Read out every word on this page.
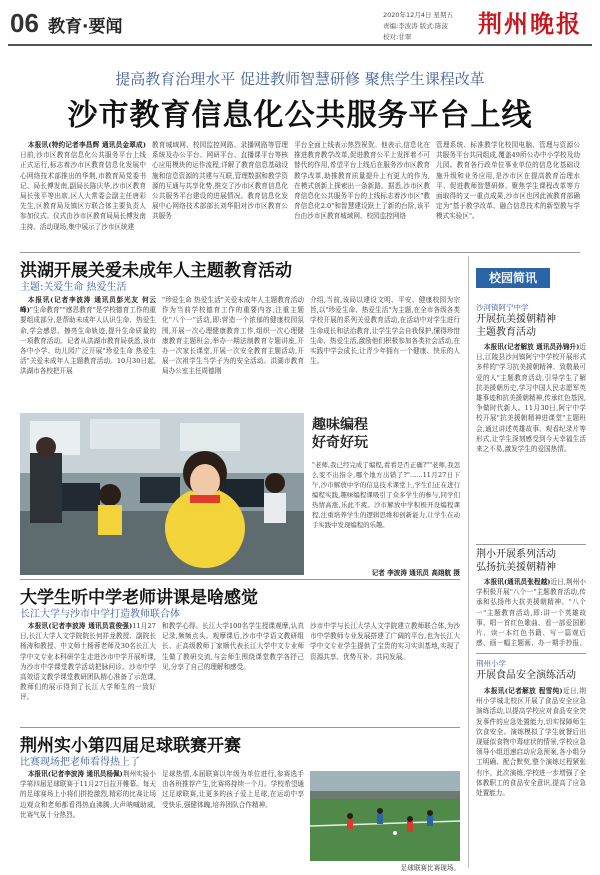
06 教育·要闻
2020年12月4日 星期五
责编:李波涛 版式:陈菠
校对:甘翠	荆州晚报
提高教育治理水平 促进教师智慧研修 聚焦学生课程改革
沙市教育信息化公共服务平台上线

本报讯(特约记者李昌辉 通讯员金翠成)日前,沙市区教育信息化公共服务平台上线正式运行,标志着沙市区教育信息化发展中心网络技术部推出的华荆,市教育局党委书记、局长傅发南,副局长陈庆华,沙市区教育局长张平等出席,区人大常委会副主任唐彩先生,区教育局及镇区方联合体主要负责人参加仪式。仪式由沙市区教育局局长傅发南主持。活动现场,集中展示了沙市区统建

教育城域网、校园监控网路、录播网路等管理系统及办公平台、网研平台、直播课平台等核心应用模块的运作流程,详解了教育信息基础设施和信息资源的共建与互联,管理数据和教学资源的互通与共享化势,推交了沙市区教育信息化公共服务平台建设的进展情况。教育信息化发展中心网络技术部部长刘华阳对沙市区教育公共服务
平台全面上线表示热烈祝贺。他表示,信息化在推进教育教学改革,促进教育公平上发挥着不可替代的作用,希望平台上线后在服务沙市区教育教学改革,助推教育质量提升上有更大的作为,在模式创新上探索出一条新路。据悉,沙市区教育信息化公共服务平台的上线标志着沙市区"教育信息化2.0"和智慧建设跃上了新的台阶,该平台由沙市区教育城域网、校园监控网络
管理系统、标准教学化校园电脑、管理与资源公共服务平台共同组成,覆盖49所公办中小学校及幼儿园。教育各行政单位事业单位的信息化基础设施升级和业务应用,是沙市区在提高教育治理水平、促进教师智慧研修、聚焦学生课程改革等方面取得的又一重点成果,沙市区也因此被教育部确定为"基于教学改革、融合信息技术的新型教与学模式实验区"。
洪湖开展关爱未成年人主题教育活动
主题:关爱生命 热爱生活

本报讯(记者李波涛 通讯员彭光友 何云峰)"生命教育""感恩教育"是学校德育工作的重要组成部分,是帮助未成年人认识生命、热爱生命,学会感恩、擦亮生命轨迹,提升生命质量的一项教育活动。记者从洪湖市教育局获悉,该市各中小学、幼儿园广泛开展"珍爱生命 热爱生活"关爱未成年人主题教育活动。10月30日起,洪湖市各校把开展

"珍爱生命 热爱生活"关爱未成年人主题教育活动作为当前学校德育工作的重要内容,注重主题化"八个一"活动,即:营造一个浓郁的健康校园氛围,开展一次心理健康教育工作,组织一次心理健康教育主题班会,举办一期法制教育专题讲座,开办一次家长课堂,开展一次安全教育主题活动,开展一次祖学生当学子为的安全活动。洪湖市教育局办公室主任周德刚
介绍,当前,该局以建设文明、平安、健康校园为宗旨,以"珍爱生命、热爱生活"为主题,在全市各级各类学校开展的系列关爱教育活动,在活动中对学生进行生命成长和法治教育,让学生学会自我保护,懂得珍惜生命、热爱生活,激励他们积极参加各类社会活动,在实践中学会成长,让青少年拥有一个健康、快乐的人生。
趣味编程
好奇好玩
"老师,我已经完成了编程,看看是否正确?""老师,我怎么变不出指令,哪个地方出错了?"……11月27日下午,沙市解放中学的信息技术课堂上,学生们正在进行编程实践,趣味编程课吸引了众多学生的参与,同学们热情高涨,乐此不疲。沙市解放中学积极开设编程课程,注重培养学生的逻辑思维和创新能力,让学生在动手实践中发现编程的乐趣。
记者 李波涛 通讯员 高翊航 摄
大学生听中学老师讲课是啥感觉
长江大学与沙市中学打造教师联合体

本报讯(记者李波涛 通讯员袁俊强)11月27日,长江大学人文学院院长何祥龙教授、副院长杨涛和教授、中文师土杨蓉老师及30名长江大学中文专业本科研学生走进沙市中学开展听课,为沙市中学课堂教学活动把脉问诊。沙市中学高效语文教学课堂教研团队精心准备了示范课,教师们的展示得到了长江大学师生的一致好评。

和教学心得。长江大学100名学生授课观摩,认真记录,频频点头。观摩课后,沙市中学语文教研组长、正高级教师丁家顺代表长江大学中文专业师生做了教研交流,与会师生围绕课堂教学各抒己见,分享了自己的理解和感受。
沙市中学与长江大学人文学院建立教师联合体,为沙市中学教师专业发展搭建了广阔的平台,也为长江大学中文专业学生提供了宝贵的实习实训基地,实现了资源共享、优势互补、共同发展。
荆州实小第四届足球联赛开赛
比赛现场把老师看得热上了

本报讯(记者李波涛 通讯员杨佩)荆州实验小学第四届足球联赛于11月27日拉开帷幕。每天的足球赛场上小将们拼抢激烈,精彩的比赛让场边观众和老师都看得热血沸腾,大声呐喊助威,比赛气氛十分热烈。

足球热情,本届联赛以年级为单位进行,参赛选手由各班推荐产生,比赛将持续一个月。学校希望通过足球联赛,让更多的孩子爱上足球,在运动中享受快乐,强健体魄,培养团队合作精神。
足球联赛比赛现场。
校园简讯
沙河镇阿宁中学
开展抗美援朝精神
主题教育活动

本报讯(记者解放 通讯员孙锦升)近日,江陵县沙河镇阿宁中学校开展形式多样的"学习抗美援朝精神、致敬最可爱的人"主题教育活动,引导学生了解抗美援朝历史,学习中国人民志愿军英雄事迹和抗美援朝精神,传承红色基因,争做时代新人。11月30日,阿宁中学校开展"抗美援朝精神进课堂"主题班会,通过讲述英雄故事、观看纪录片等形式,让学生深刻感受到今天幸福生活来之不易,激发学生的爱国热情。

荆小开展系列活动
弘扬抗美援朝精神

本报讯(通讯员张程越)近日,荆州小学积极开展"八个一"主题教育活动,传承和弘扬伟大抗美援朝精神。"八个一"主题教育活动,即:讲一个英雄故事、唱一首红色歌曲、看一部爱国影片、读一本红色书籍、写一篇观后感、画一幅主题画、办一期手抄报、

荆州小学
开展食品安全演练活动

本报讯(记者解放 程雪纯)近日,荆州小学城北校区开展了食品安全应急演练活动,以提高学校应对食品安全突发事件的应急处置能力,切实保障师生饮食安全。演练模拟了学生就餐后出现疑似食物中毒症状的情景,学校应急领导小组迅速启动应急预案,各小组分工明确、配合默契,整个演练过程紧张有序。此次演练,学校进一步增强了全体教职工的食品安全意识,提高了应急处置能力。
